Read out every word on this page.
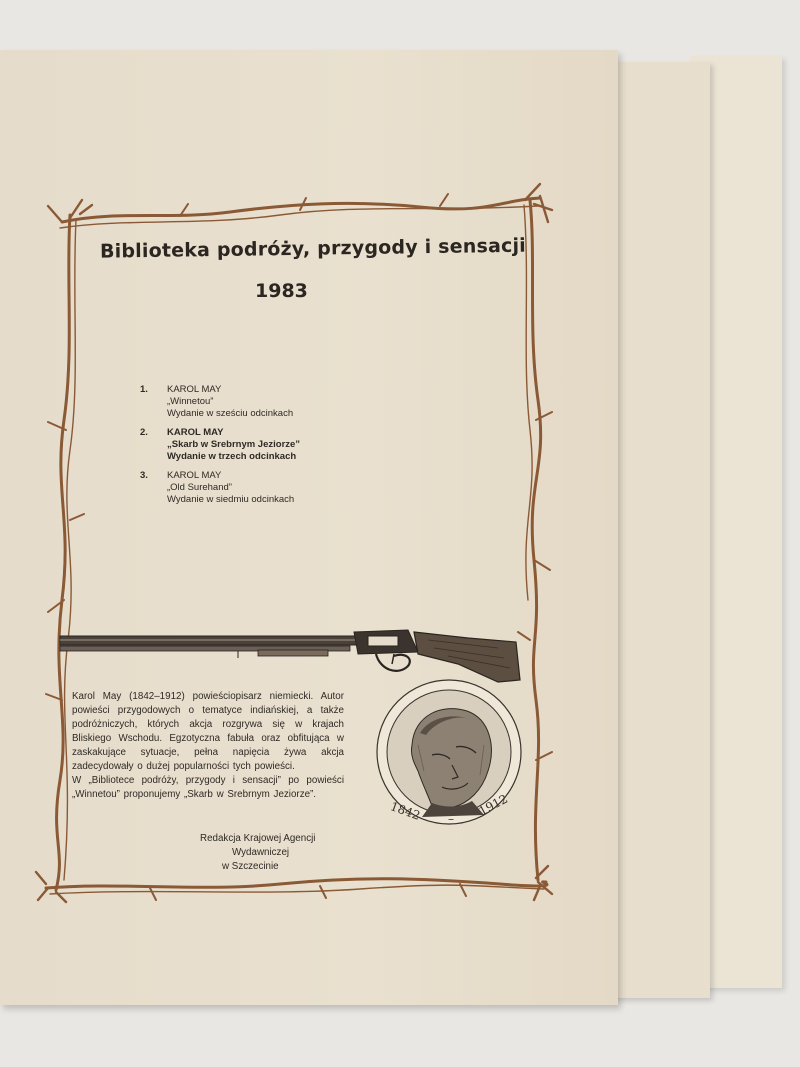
Biblioteka podróży, przygody i sensacji
1983
1. KAROL MAY
„Winnetou”
Wydanie w sześciu odcinkach
2. KAROL MAY
„Skarb w Srebrnym Jeziorze”
Wydanie w trzech odcinkach
3. KAROL MAY
„Old Surehand”
Wydanie w siedmiu odcinkach
1842 –
1912

Karol May (1842–1912) powieściopisarz niemiecki. Autor powieści przygodowych o tematyce indiańskiej, a także podróżniczych, których akcja rozgrywa się w krajach Bliskiego Wschodu. Egzotyczna fabuła oraz obfitująca w zaskakujące sytuacje, pełna napięcia żywa akcja zadecydowały o dużej popularności tych powieści.

W „Bibliotece podróży, przygody i sensacji” po powieści „Winnetou” proponujemy „Skarb w Srebrnym Jeziorze”.

Redakcja Krajowej Agencji
Wydawniczej
w Szczecinie
